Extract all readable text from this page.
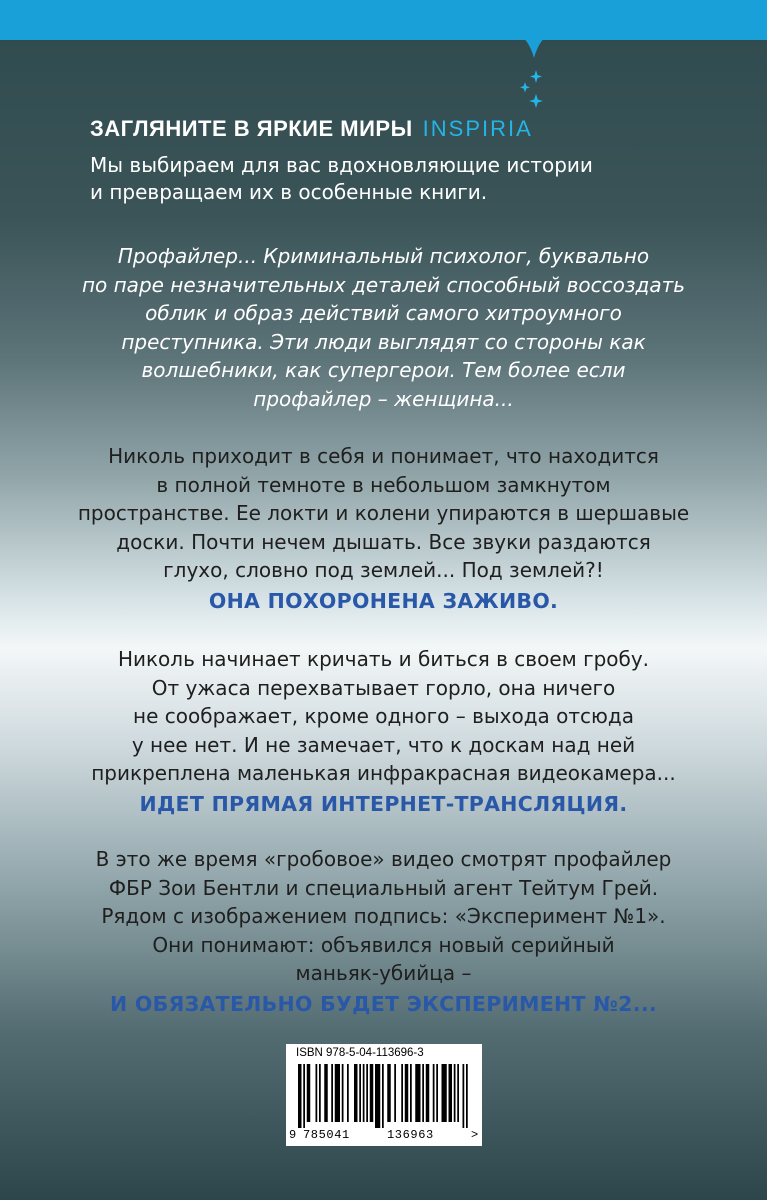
ЗАГЛЯНИТЕ В ЯРКИЕ МИРЫ INSPIRIA
Мы выбираем для вас вдохновляющие истории
и превращаем их в особенные книги.
Профайлер... Криминальный психолог, буквально
по паре незначительных деталей способный воссоздать
облик и образ действий самого хитроумного
преступника. Эти люди выглядят со стороны как
волшебники, как супергерои. Тем более если
профайлер – женщина...
Николь приходит в себя и понимает, что находится
в полной темноте в небольшом замкнутом
пространстве. Ее локти и колени упираются в шершавые
доски. Почти нечем дышать. Все звуки раздаются
глухо, словно под землей... Под землей?!
ОНА ПОХОРОНЕНА ЗАЖИВО.
Николь начинает кричать и биться в своем гробу.
От ужаса перехватывает горло, она ничего
не соображает, кроме одного – выхода отсюда
у нее нет. И не замечает, что к доскам над ней
прикреплена маленькая инфракрасная видеокамера...
ИДЕТ ПРЯМАЯ ИНТЕРНЕТ-ТРАНСЛЯЦИЯ.
В это же время «гробовое» видео смотрят профайлер
ФБР Зои Бентли и специальный агент Тейтум Грей.
Рядом с изображением подпись: «Эксперимент №1».
Они понимают: объявился новый серийный
маньяк-убийца –
И ОБЯЗАТЕЛЬНО БУДЕТ ЭКСПЕРИМЕНТ №2...
ISBN 978-5-04-113696-3
9 785041	136963	>
